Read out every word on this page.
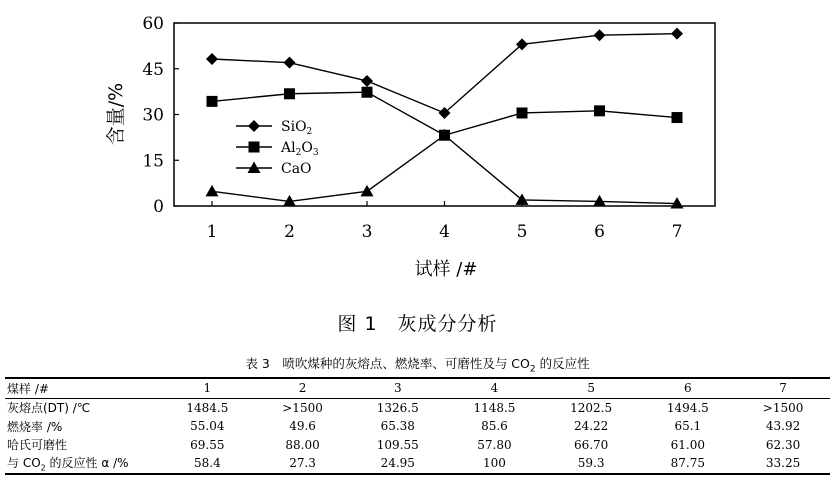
0
15
30
45
60
1	2	3	4	5	6	7
试样 /#
含量/%	SiO$_2$
$Al_2O_3$
CaO
图 1　灰成分分析
表 3　喷吹煤种的灰熔点、燃烧率、可磨性及与 $CO_2$ 的反应性
煤样 /#	1	2	3	4	5	6	7
灰熔点(DT) /℃	1484.5	>1500	1326.5	1148.5	1202.5	1494.5	>1500
燃烧率 /%	55.04	49.6	65.38	85.6	24.22	65.1	43.92
哈氏可磨性	69.55	88.00	109.55	57.80	66.70	61.00	62.30
与 $CO_2$ 的反应性 α /%	58.4	27.3	24.95	100	59.3	87.75	33.25
